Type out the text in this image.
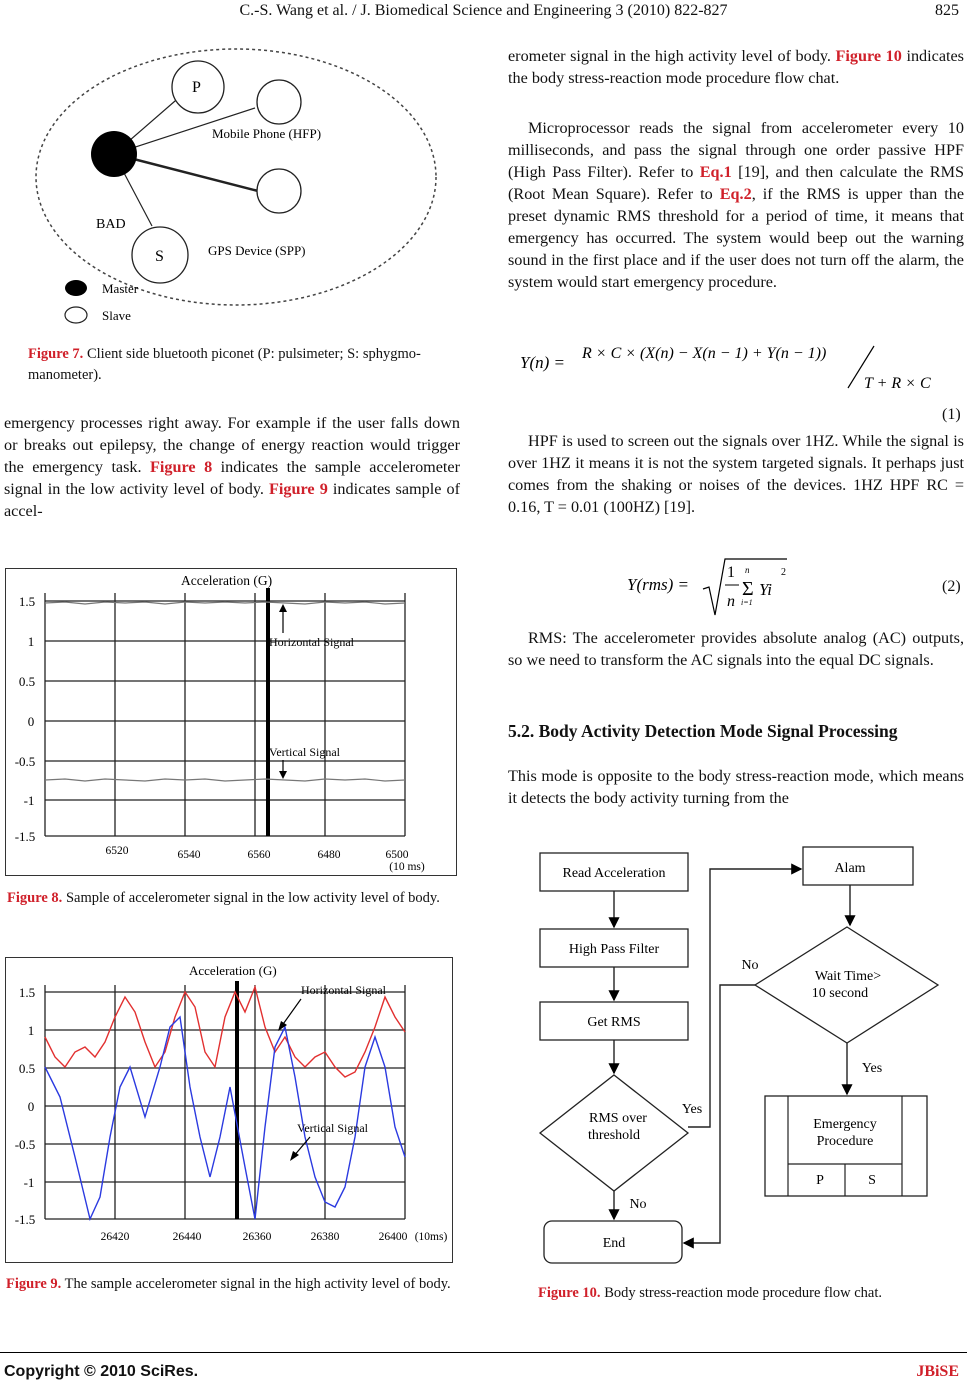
C.-S. Wang et al. / J. Biomedical Science and Engineering 3 (2010) 822-827	825
P
S
BAD
Mobile Phone (HFP)
GPS Device (SPP)
Master
Slave
Figure 7. Client side bluetooth piconet (P: pulsimeter; S: sphygmo-manometer).

emergency processes right away. For example if the user falls down or breaks out epilepsy, the change of energy reaction would trigger the emergency task. Figure 8 indicates the sample accelerometer signal in the low activity level of body. Figure 9 indicates sample of accel-

Acceleration (G)
1.5
1
0.5
0
-0.5
-1
-1.5
6520	6540	6560	6480	6500
(10 ms)
Horizontal Signal
Vertical Signal
Figure 8. Sample of accelerometer signal in the low activity level of body.
Acceleration (G)
1.5
1
0.5
0
-0.5
-1
-1.5
26420	26440	26360	26380	26400 (10ms)
Horizontal Signal
Vertical Signal
Figure 9. The sample accelerometer signal in the high activity level of body.

erometer signal in the high activity level of body. Figure 10 indicates the body stress-reaction mode procedure flow chat.

Microprocessor reads the signal from accelerometer every 10 milliseconds, and pass the signal through one order passive HPF (High Pass Filter). Refer to Eq.1 [19], and then calculate the RMS (Root Mean Square). Refer to Eq.2, if the RMS is upper than the preset dynamic RMS threshold for a period of time, it means that emergency has occurred. The system would beep out the warning sound in the first place and if the user does not turn off the alarm, the system would start emergency procedure.

Y(n) = R × C × (X(n) − X(n − 1) + Y(n − 1))
T + R × C
(1)

HPF is used to screen out the signals over 1HZ. While the signal is over 1HZ it means it is not the system targeted signals. It perhaps just comes from the shaking or noises of the devices. 1HZ HPF RC = 0.16, T = 0.01 (100HZ) [19].

Y(rms) =
1
n
n
Σ
i=1
Yi
2
(2)

RMS: The accelerometer provides absolute analog (AC) outputs, so we need to transform the AC signals into the equal DC signals.

5.2. Body Activity Detection Mode Signal Processing

This mode is opposite to the body stress-reaction mode, which means it detects the body activity turning from the

Read Acceleration
High Pass Filter
Get RMS
RMS over
threshold
End
Alam
Wait Time>
10 second
Emergency
Procedure
P	S
Yes
No
No
Yes
Figure 10. Body stress-reaction mode procedure flow chat.
Copyright © 2010 SciRes.	JBiSE
